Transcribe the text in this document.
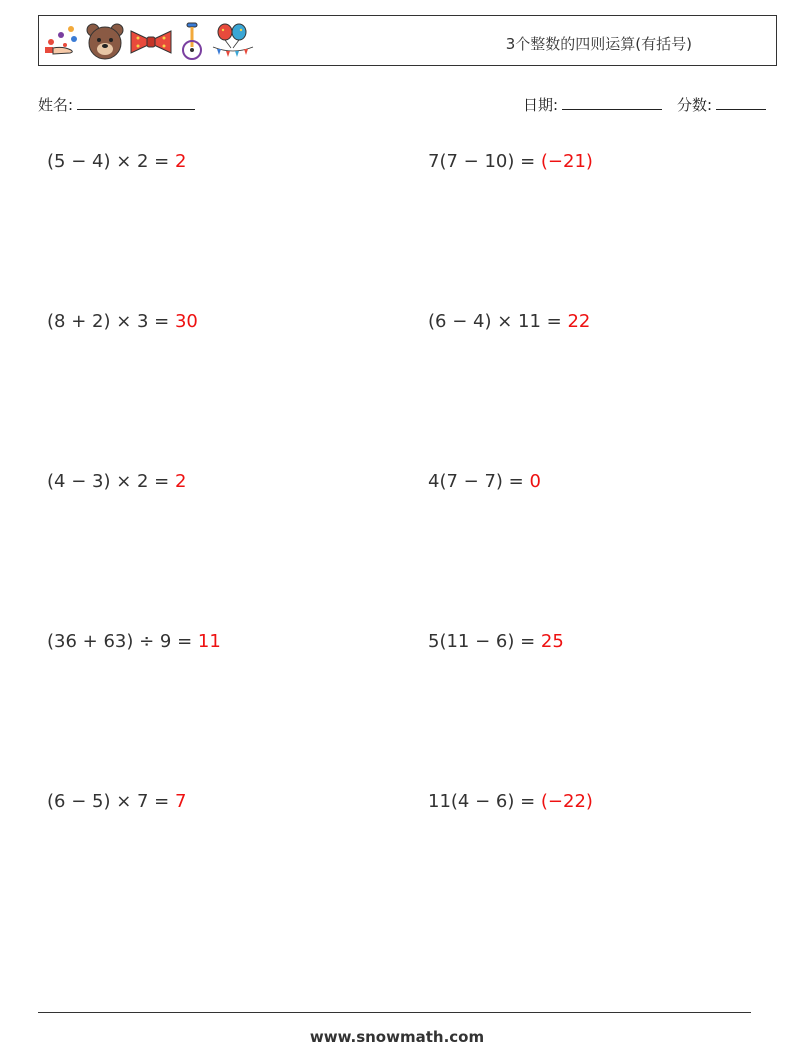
3个整数的四则运算(有括号)
姓名:	日期:	分数:
(5 − 4) × 2 = 2	7(7 − 10) = (−21)
(8 + 2) × 3 = 30	(6 − 4) × 11 = 22
(4 − 3) × 2 = 2	4(7 − 7) = 0
(36 + 63) ÷ 9 = 11	5(11 − 6) = 25
(6 − 5) × 7 = 7	11(4 − 6) = (−22)
www.snowmath.com
